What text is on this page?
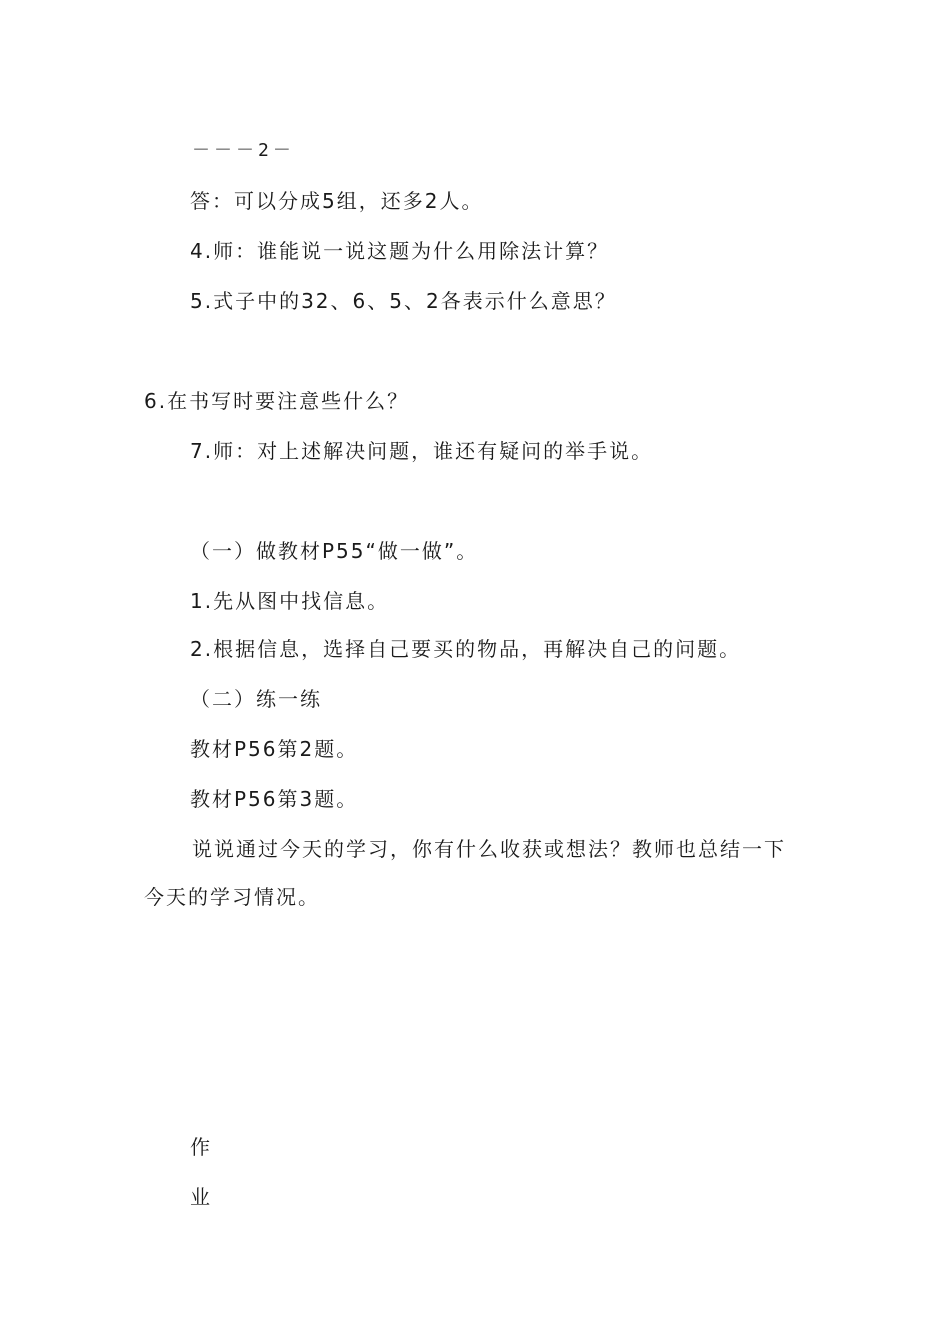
－－－2－
答：可以分成5组，还多2人。
4.师：谁能说一说这题为什么用除法计算？
5.式子中的32、6、5、2各表示什么意思？
6.在书写时要注意些什么？
7.师：对上述解决问题，谁还有疑问的举手说。
（一）做教材P55“做一做”。
1.先从图中找信息。
2.根据信息，选择自己要买的物品，再解决自己的问题。
（二）练一练
教材P56第2题。
教材P56第3题。
说说通过今天的学习，你有什么收获或想法？教师也总结一下
今天的学习情况。
作
业
